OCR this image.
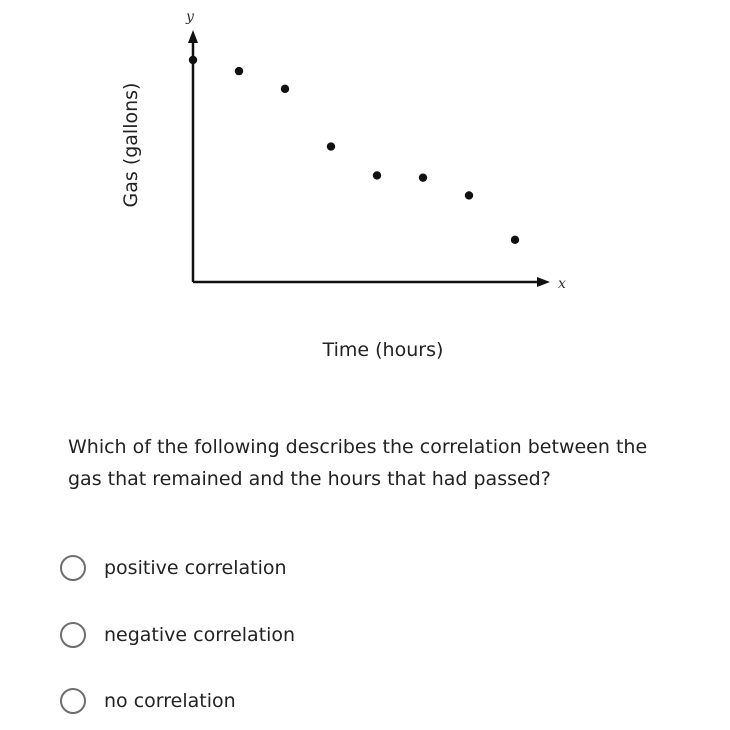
y
x
Gas (gallons)
Time (hours)
Which of the following describes the correlation between the gas that remained and the hours that had passed?
positive correlation
negative correlation
no correlation
